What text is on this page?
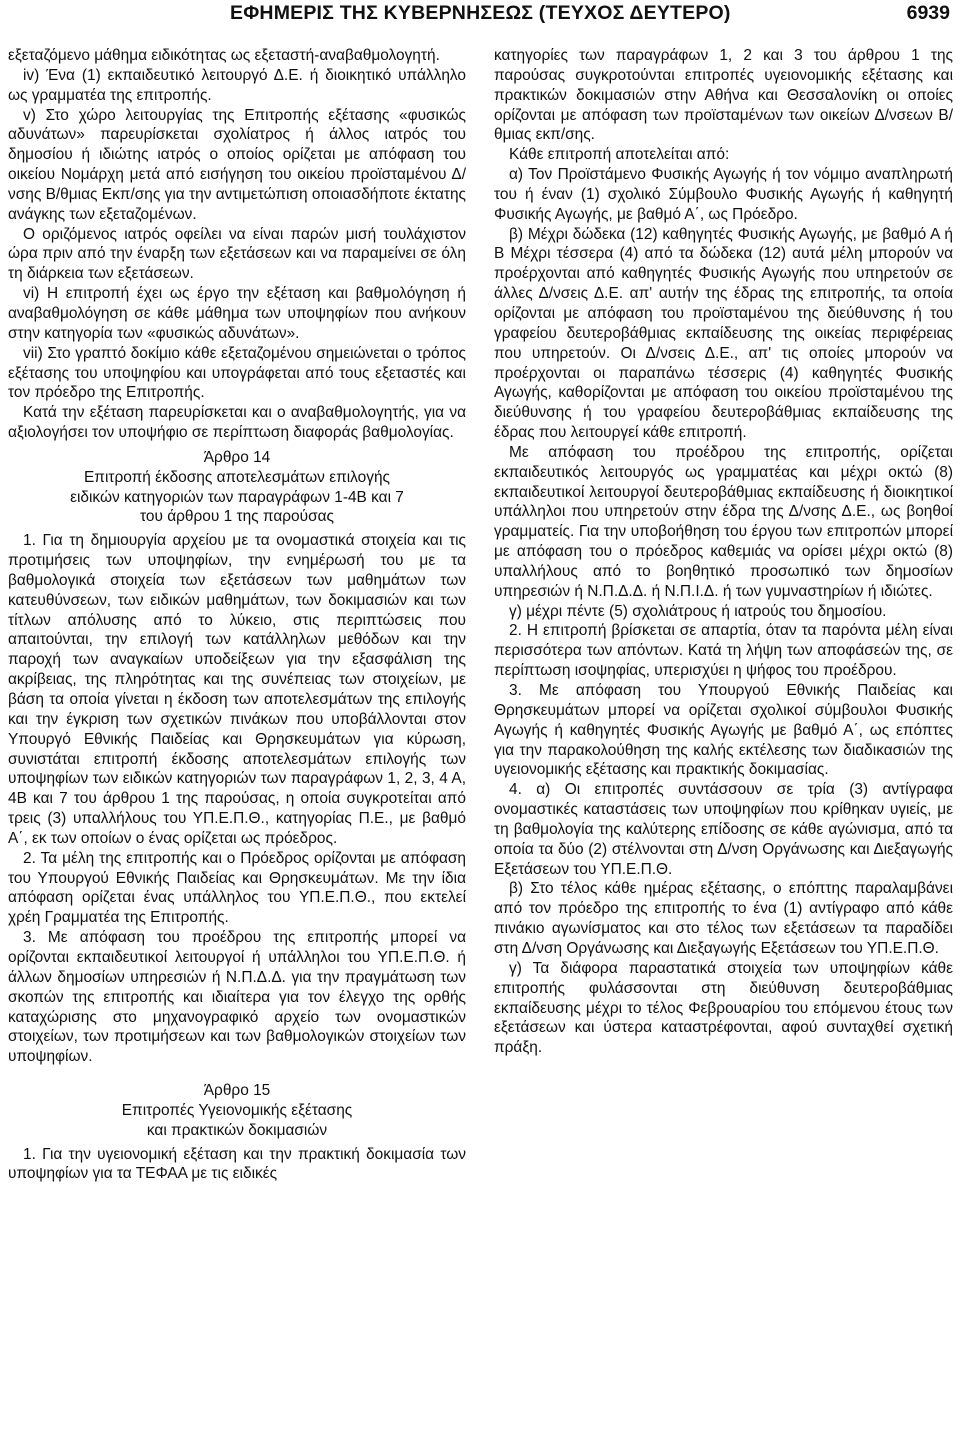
ΕΦΗΜΕΡΙΣ ΤΗΣ ΚΥΒΕΡΝΗΣΕΩΣ (ΤΕΥΧΟΣ ΔΕΥΤΕΡΟ)	6939

εξεταζόμενο μάθημα ειδικότητας ως εξεταστή-αναβαθμολογητή.

iv) Ένα (1) εκπαιδευτικό λειτουργό Δ.Ε. ή διοικητικό υπάλληλο ως γραμματέα της επιτροπής.

v) Στο χώρο λειτουργίας της Επιτροπής εξέτασης «φυσικώς αδυνάτων» παρευρίσκεται σχολίατρος ή άλλος ιατρός του δημοσίου ή ιδιώτης ιατρός ο οποίος ορίζεται με απόφαση του οικείου Νομάρχη μετά από εισήγηση του οικείου προϊσταμένου Δ/νσης Β/θμιας Εκπ/σης για την αντιμετώπιση οποιασδήποτε έκτατης ανάγκης των εξεταζομένων.

Ο οριζόμενος ιατρός οφείλει να είναι παρών μισή τουλάχιστον ώρα πριν από την έναρξη των εξετάσεων και να παραμείνει σε όλη τη διάρκεια των εξετάσεων.

vi) Η επιτροπή έχει ως έργο την εξέταση και βαθμολόγηση ή αναβαθμολόγηση σε κάθε μάθημα των υποψηφίων που ανήκουν στην κατηγορία των «φυσικώς αδυνάτων».

vii) Στο γραπτό δοκίμιο κάθε εξεταζομένου σημειώνεται ο τρόπος εξέτασης του υποψηφίου και υπογράφεται από τους εξεταστές και τον πρόεδρο της Επιτροπής.

Κατά την εξέταση παρευρίσκεται και ο αναβαθμολογητής, για να αξιολογήσει τον υποψήφιο σε περίπτωση διαφοράς βαθμολογίας.

Άρθρο 14

Επιτροπή έκδοσης αποτελεσμάτων επιλογής

ειδικών κατηγοριών των παραγράφων 1-4Β και 7

του άρθρου 1 της παρούσας

1. Για τη δημιουργία αρχείου με τα ονομαστικά στοιχεία και τις προτιμήσεις των υποψηφίων, την ενημέρωσή του με τα βαθμολογικά στοιχεία των εξετάσεων των μαθημάτων των κατευθύνσεων, των ειδικών μαθημάτων, των δοκιμασιών και των τίτλων απόλυσης από το λύκειο, στις περιπτώσεις που απαιτούνται, την επιλογή των κατάλληλων μεθόδων και την παροχή των αναγκαίων υποδείξεων για την εξασφάλιση της ακρίβειας, της πληρότητας και της συνέπειας των στοιχείων, με βάση τα οποία γίνεται η έκδοση των αποτελεσμάτων της επιλογής και την έγκριση των σχετικών πινάκων που υποβάλλονται στον Υπουργό Εθνικής Παιδείας και Θρησκευμάτων για κύρωση, συνιστάται επιτροπή έκδοσης αποτελεσμάτων επιλογής των υποψηφίων των ειδικών κατηγοριών των παραγράφων 1, 2, 3, 4 Α, 4Β και 7 του άρθρου 1 της παρούσας, η οποία συγκροτείται από τρεις (3) υπαλλήλους του ΥΠ.Ε.Π.Θ., κατηγορίας Π.Ε., με βαθμό Α΄, εκ των οποίων ο ένας ορίζεται ως πρόεδρος.

2. Τα μέλη της επιτροπής και ο Πρόεδρος ορίζονται με απόφαση του Υπουργού Εθνικής Παιδείας και Θρησκευμάτων. Με την ίδια απόφαση ορίζεται ένας υπάλληλος του ΥΠ.Ε.Π.Θ., που εκτελεί χρέη Γραμματέα της Επιτροπής.

3. Με απόφαση του προέδρου της επιτροπής μπορεί να ορίζονται εκπαιδευτικοί λειτουργοί ή υπάλληλοι του ΥΠ.Ε.Π.Θ. ή άλλων δημοσίων υπηρεσιών ή Ν.Π.Δ.Δ. για την πραγμάτωση των σκοπών της επιτροπής και ιδιαίτερα για τον έλεγχο της ορθής καταχώρισης στο μηχανογραφικό αρχείο των ονομαστικών στοιχείων, των προτιμήσεων και των βαθμολογικών στοιχείων των υποψηφίων.

Άρθρο 15

Επιτροπές Υγειονομικής εξέτασης

και πρακτικών δοκιμασιών

1. Για την υγειονομική εξέταση και την πρακτική δοκιμασία των υποψηφίων για τα ΤΕΦΑΑ με τις ειδικές

κατηγορίες των παραγράφων 1, 2 και 3 του άρθρου 1 της παρούσας συγκροτούνται επιτροπές υγειονομικής εξέτασης και πρακτικών δοκιμασιών στην Αθήνα και Θεσσαλονίκη οι οποίες ορίζονται με απόφαση των προϊσταμένων των οικείων Δ/νσεων Β/θμιας εκπ/σης.

Κάθε επιτροπή αποτελείται από:

α) Τον Προϊστάμενο Φυσικής Αγωγής ή τον νόμιμο αναπληρωτή του ή έναν (1) σχολικό Σύμβουλο Φυσικής Αγωγής ή καθηγητή Φυσικής Αγωγής, με βαθμό Α΄, ως Πρόεδρο.

β) Μέχρι δώδεκα (12) καθηγητές Φυσικής Αγωγής, με βαθμό Α ή Β Μέχρι τέσσερα (4) από τα δώδεκα (12) αυτά μέλη μπορούν να προέρχονται από καθηγητές Φυσικής Αγωγής που υπηρετούν σε άλλες Δ/νσεις Δ.Ε. απ' αυτήν της έδρας της επιτροπής, τα οποία ορίζονται με απόφαση του προϊσταμένου της διεύθυνσης ή του γραφείου δευτεροβάθμιας εκπαίδευσης της οικείας περιφέρειας που υπηρετούν. Οι Δ/νσεις Δ.Ε., απ' τις οποίες μπορούν να προέρχονται οι παραπάνω τέσσερις (4) καθηγητές Φυσικής Αγωγής, καθορίζονται με απόφαση του οικείου προϊσταμένου της διεύθυνσης ή του γραφείου δευτεροβάθμιας εκπαίδευσης της έδρας που λειτουργεί κάθε επιτροπή.

Με απόφαση του προέδρου της επιτροπής, ορίζεται εκπαιδευτικός λειτουργός ως γραμματέας και μέχρι οκτώ (8) εκπαιδευτικοί λειτουργοί δευτεροβάθμιας εκπαίδευσης ή διοικητικοί υπάλληλοι που υπηρετούν στην έδρα της Δ/νσης Δ.Ε., ως βοηθοί γραμματείς. Για την υποβοήθηση του έργου των επιτροπών μπορεί με απόφαση του ο πρόεδρος καθεμιάς να ορίσει μέχρι οκτώ (8) υπαλλήλους από το βοηθητικό προσωπικό των δημοσίων υπηρεσιών ή Ν.Π.Δ.Δ. ή Ν.Π.Ι.Δ. ή των γυμναστηρίων ή ιδιώτες.

γ) μέχρι πέντε (5) σχολιάτρους ή ιατρούς του δημοσίου.

2. Η επιτροπή βρίσκεται σε απαρτία, όταν τα παρόντα μέλη είναι περισσότερα των απόντων. Κατά τη λήψη των αποφάσεών της, σε περίπτωση ισοψηφίας, υπερισχύει η ψήφος του προέδρου.

3. Με απόφαση του Υπουργού Εθνικής Παιδείας και Θρησκευμάτων μπορεί να ορίζεται σχολικοί σύμβουλοι Φυσικής Αγωγής ή καθηγητές Φυσικής Αγωγής με βαθμό Α΄, ως επόπτες για την παρακολούθηση της καλής εκτέλεσης των διαδικασιών της υγειονομικής εξέτασης και πρακτικής δοκιμασίας.

4. α) Οι επιτροπές συντάσσουν σε τρία (3) αντίγραφα ονομαστικές καταστάσεις των υποψηφίων που κρίθηκαν υγιείς, με τη βαθμολογία της καλύτερης επίδοσης σε κάθε αγώνισμα, από τα οποία τα δύο (2) στέλνονται στη Δ/νση Οργάνωσης και Διεξαγωγής Εξετάσεων του ΥΠ.Ε.Π.Θ.

β) Στο τέλος κάθε ημέρας εξέτασης, ο επόπτης παραλαμβάνει από τον πρόεδρο της επιτροπής το ένα (1) αντίγραφο από κάθε πινάκιο αγωνίσματος και στο τέλος των εξετάσεων τα παραδίδει στη Δ/νση Οργάνωσης και Διεξαγωγής Εξετάσεων του ΥΠ.Ε.Π.Θ.

γ) Τα διάφορα παραστατικά στοιχεία των υποψηφίων κάθε επιτροπής φυλάσσονται στη διεύθυνση δευτεροβάθμιας εκπαίδευσης μέχρι το τέλος Φεβρουαρίου του επόμενου έτους των εξετάσεων και ύστερα καταστρέφονται, αφού συνταχθεί σχετική πράξη.
